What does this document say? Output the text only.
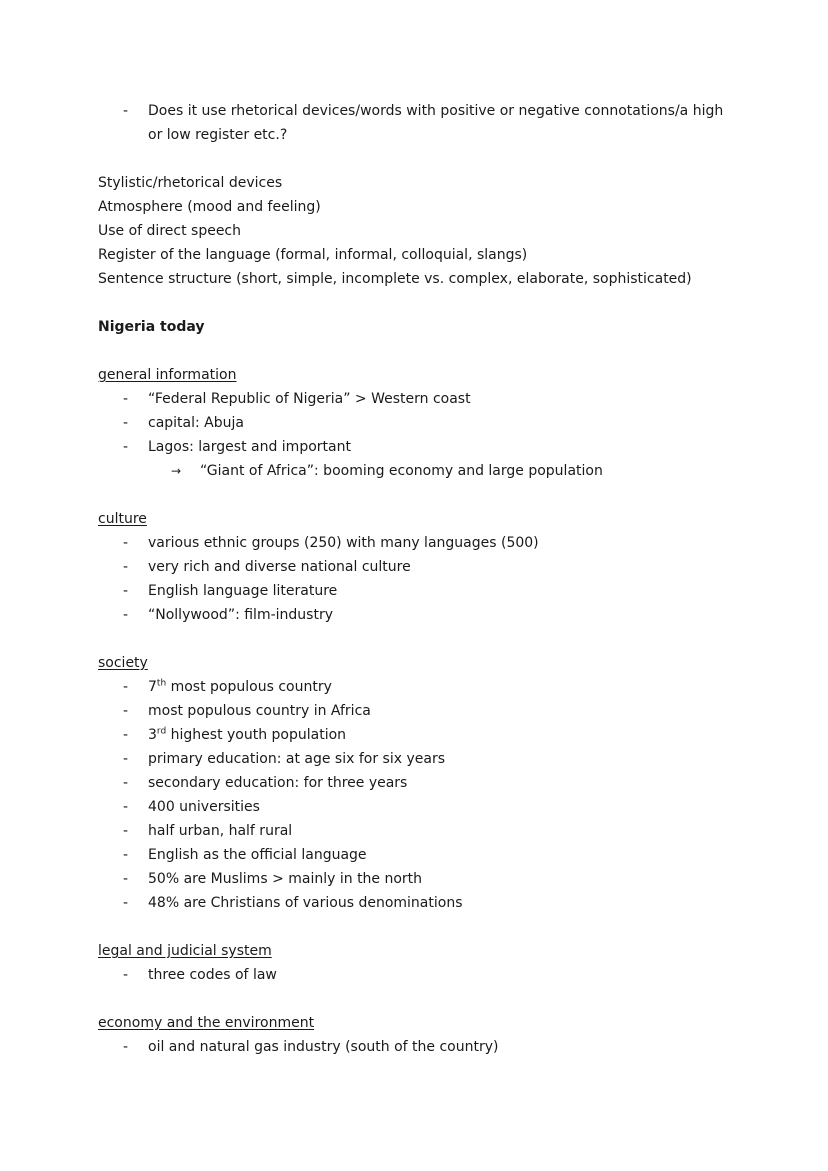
- Does it use rhetorical devices/words with positive or negative connotations/a high or low register etc.?
Stylistic/rhetorical devices
Atmosphere (mood and feeling)
Use of direct speech
Register of the language (formal, informal, colloquial, slangs)
Sentence structure (short, simple, incomplete vs. complex, elaborate, sophisticated)
Nigeria today
general information
- “Federal Republic of Nigeria” > Western coast
- capital: Abuja
- Lagos: largest and important
→ “Giant of Africa”: booming economy and large population
culture
- various ethnic groups (250) with many languages (500)
- very rich and diverse national culture
- English language literature
- “Nollywood”: film-industry
society
- 7th most populous country
- most populous country in Africa
- 3rd highest youth population
- primary education: at age six for six years
- secondary education: for three years
- 400 universities
- half urban, half rural
- English as the official language
- 50% are Muslims > mainly in the north
- 48% are Christians of various denominations
legal and judicial system
- three codes of law
economy and the environment
- oil and natural gas industry (south of the country)
